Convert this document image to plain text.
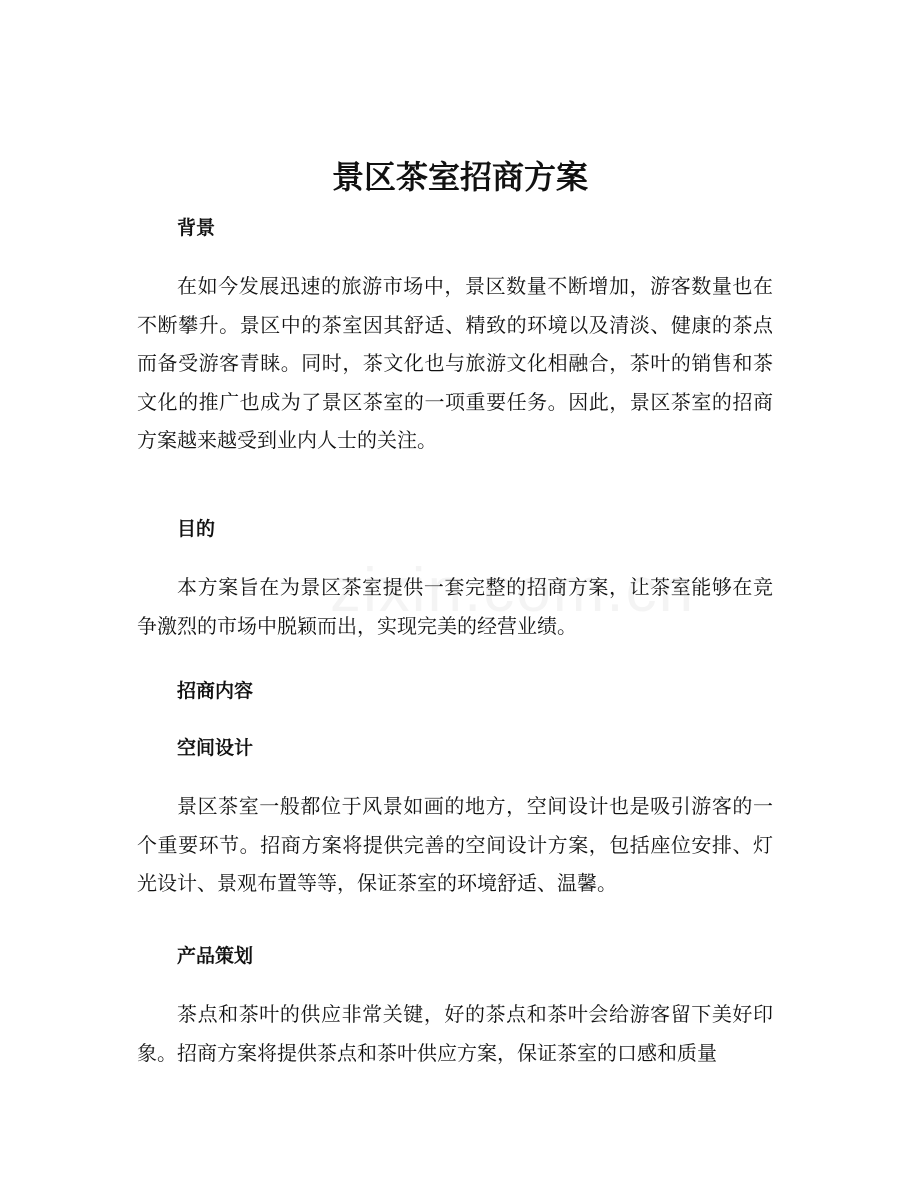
景区茶室招商方案
背景

在如今发展迅速的旅游市场中，景区数量不断增加，游客数量也在不断攀升。景区中的茶室因其舒适、精致的环境以及清淡、健康的茶点而备受游客青睐。同时，茶文化也与旅游文化相融合，茶叶的销售和茶文化的推广也成为了景区茶室的一项重要任务。因此，景区茶室的招商方案越来越受到业内人士的关注。

目的

本方案旨在为景区茶室提供一套完整的招商方案，让茶室能够在竞争激烈的市场中脱颖而出，实现完美的经营业绩。

招商内容
空间设计

景区茶室一般都位于风景如画的地方，空间设计也是吸引游客的一个重要环节。招商方案将提供完善的空间设计方案，包括座位安排、灯光设计、景观布置等等，保证茶室的环境舒适、温馨。

产品策划

茶点和茶叶的供应非常关键，好的茶点和茶叶会给游客留下美好印象。招商方案将提供茶点和茶叶供应方案，保证茶室的口感和质量
